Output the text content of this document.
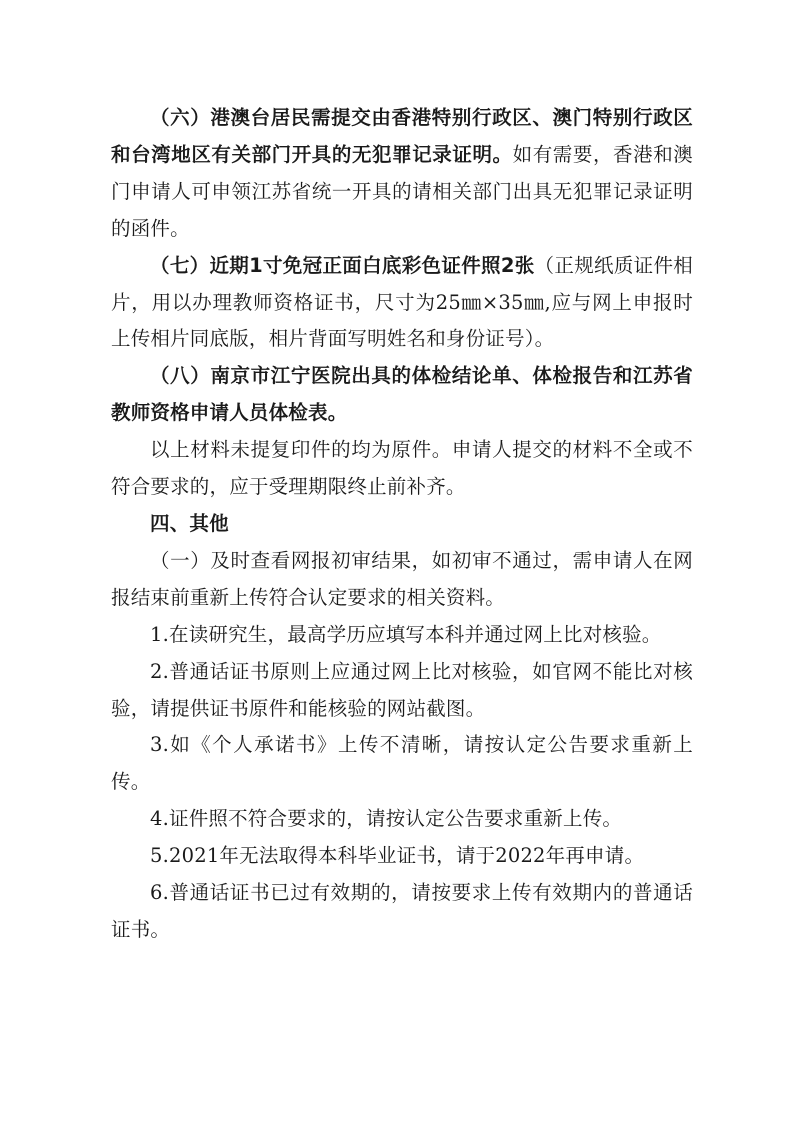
（六）港澳台居民需提交由香港特别行政区、澳门特别行政区和台湾地区有关部门开具的无犯罪记录证明。如有需要，香港和澳门申请人可申领江苏省统一开具的请相关部门出具无犯罪记录证明的函件。

（七）近期1寸免冠正面白底彩色证件照2张（正规纸质证件相片，用以办理教师资格证书，尺寸为25㎜×35㎜,应与网上申报时上传相片同底版，相片背面写明姓名和身份证号）。

（八）南京市江宁医院出具的体检结论单、体检报告和江苏省教师资格申请人员体检表。

以上材料未提复印件的均为原件。申请人提交的材料不全或不符合要求的，应于受理期限终止前补齐。

四、其他

（一）及时查看网报初审结果，如初审不通过，需申请人在网报结束前重新上传符合认定要求的相关资料。

1.在读研究生，最高学历应填写本科并通过网上比对核验。

2.普通话证书原则上应通过网上比对核验，如官网不能比对核验，请提供证书原件和能核验的网站截图。

3.如《个人承诺书》上传不清晰，请按认定公告要求重新上传。

4.证件照不符合要求的，请按认定公告要求重新上传。

5.2021年无法取得本科毕业证书，请于2022年再申请。

6.普通话证书已过有效期的，请按要求上传有效期内的普通话证书。
